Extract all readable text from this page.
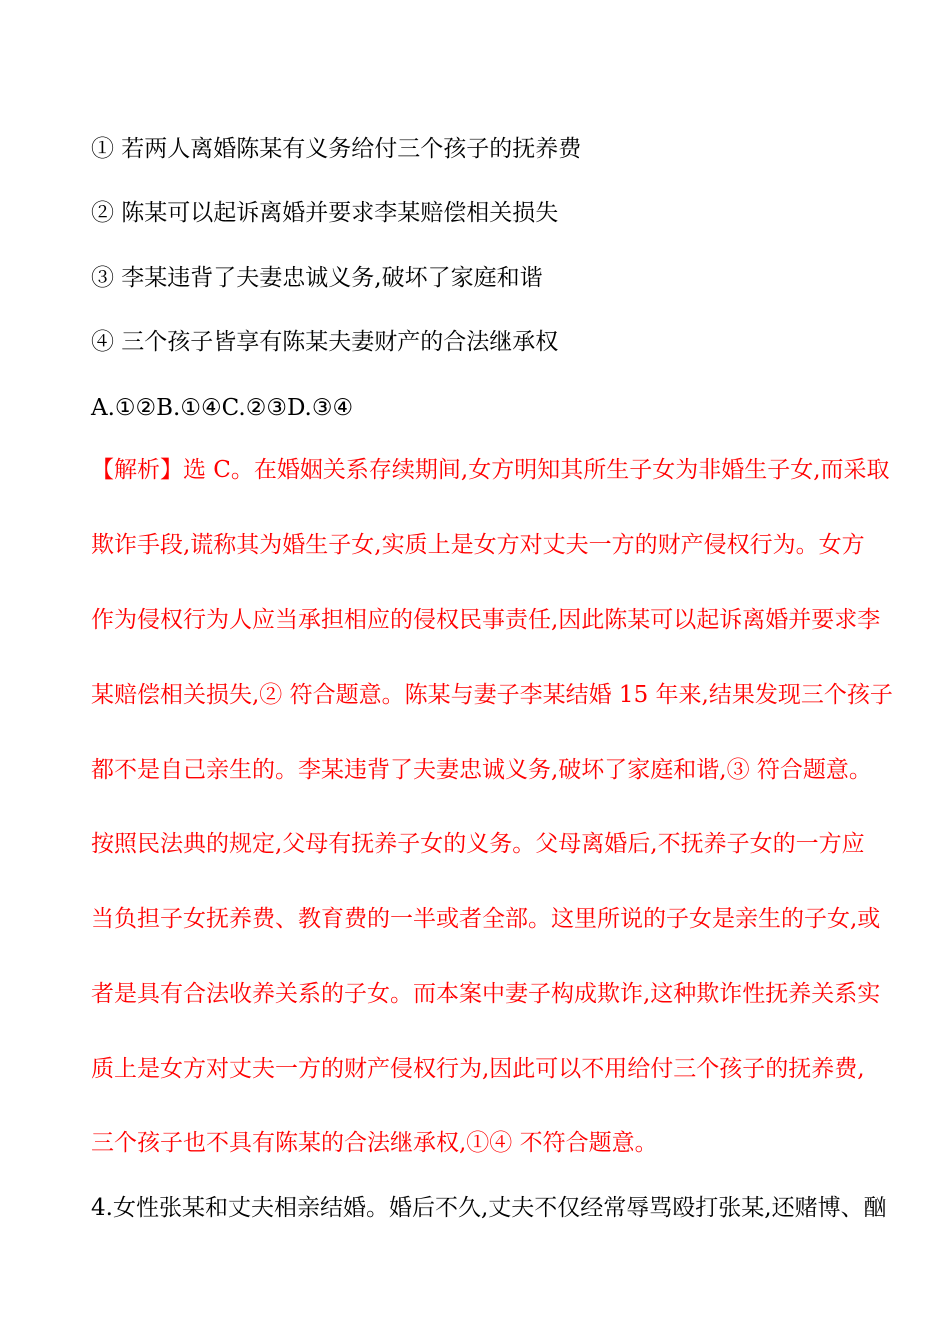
① 若两人离婚陈某有义务给付三个孩子的抚养费
② 陈某可以起诉离婚并要求李某赔偿相关损失
③ 李某违背了夫妻忠诚义务,破坏了家庭和谐
④ 三个孩子皆享有陈某夫妻财产的合法继承权
A.①②B.①④C.②③D.③④
【解析】选 C。在婚姻关系存续期间,女方明知其所生子女为非婚生子女,而采取
欺诈手段,谎称其为婚生子女,实质上是女方对丈夫一方的财产侵权行为。女方
作为侵权行为人应当承担相应的侵权民事责任,因此陈某可以起诉离婚并要求李
某赔偿相关损失,② 符合题意。陈某与妻子李某结婚 15 年来,结果发现三个孩子
都不是自己亲生的。李某违背了夫妻忠诚义务,破坏了家庭和谐,③ 符合题意。
按照民法典的规定,父母有抚养子女的义务。父母离婚后,不抚养子女的一方应
当负担子女抚养费、教育费的一半或者全部。这里所说的子女是亲生的子女,或
者是具有合法收养关系的子女。而本案中妻子构成欺诈,这种欺诈性抚养关系实
质上是女方对丈夫一方的财产侵权行为,因此可以不用给付三个孩子的抚养费,
三个孩子也不具有陈某的合法继承权,①④ 不符合题意。
4.女性张某和丈夫相亲结婚。婚后不久,丈夫不仅经常辱骂殴打张某,还赌博、酗
